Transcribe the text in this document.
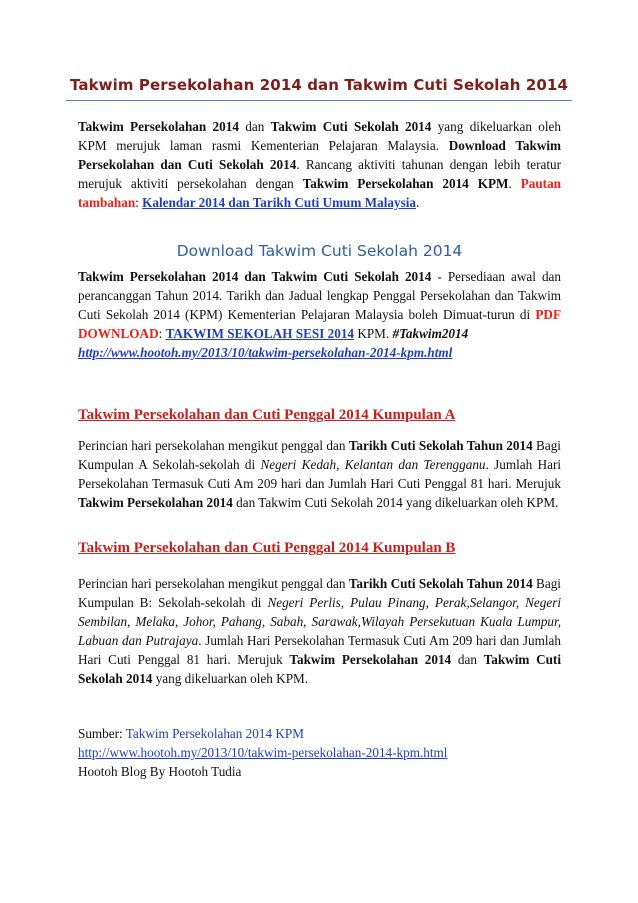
Takwim Persekolahan 2014 dan Takwim Cuti Sekolah 2014

Takwim Persekolahan 2014 dan Takwim Cuti Sekolah 2014 yang dikeluarkan oleh KPM merujuk laman rasmi Kementerian Pelajaran Malaysia. Download Takwim Persekolahan dan Cuti Sekolah 2014. Rancang aktiviti tahunan dengan lebih teratur merujuk aktiviti persekolahan dengan Takwim Persekolahan 2014 KPM. Pautan tambahan: Kalendar 2014 dan Tarikh Cuti Umum Malaysia.

Download Takwim Cuti Sekolah 2014

Takwim Persekolahan 2014 dan Takwim Cuti Sekolah 2014 - Persediaan awal dan perancanggan Tahun 2014. Tarikh dan Jadual lengkap Penggal Persekolahan dan Takwim Cuti Sekolah 2014 (KPM) Kementerian Pelajaran Malaysia boleh Dimuat-turun di PDF DOWNLOAD: TAKWIM SEKOLAH SESI 2014 KPM. #Takwim2014
http://www.hootoh.my/2013/10/takwim-persekolahan-2014-kpm.html

Takwim Persekolahan dan Cuti Penggal 2014 Kumpulan A

Perincian hari persekolahan mengikut penggal dan Tarikh Cuti Sekolah Tahun 2014 Bagi Kumpulan A Sekolah-sekolah di Negeri Kedah, Kelantan dan Terengganu. Jumlah Hari Persekolahan Termasuk Cuti Am 209 hari dan Jumlah Hari Cuti Penggal 81 hari. Merujuk Takwim Persekolahan 2014 dan Takwim Cuti Sekolah 2014 yang dikeluarkan oleh KPM.

Takwim Persekolahan dan Cuti Penggal 2014 Kumpulan B

Perincian hari persekolahan mengikut penggal dan Tarikh Cuti Sekolah Tahun 2014 Bagi Kumpulan B: Sekolah-sekolah di Negeri Perlis, Pulau Pinang, Perak,Selangor, Negeri Sembilan, Melaka, Johor, Pahang, Sabah, Sarawak,Wilayah Persekutuan Kuala Lumpur, Labuan dan Putrajaya. Jumlah Hari Persekolahan Termasuk Cuti Am 209 hari dan Jumlah Hari Cuti Penggal 81 hari. Merujuk Takwim Persekolahan 2014 dan Takwim Cuti Sekolah 2014 yang dikeluarkan oleh KPM.

Sumber: Takwim Persekolahan 2014 KPM
http://www.hootoh.my/2013/10/takwim-persekolahan-2014-kpm.html
Hootoh Blog By Hootoh Tudia
